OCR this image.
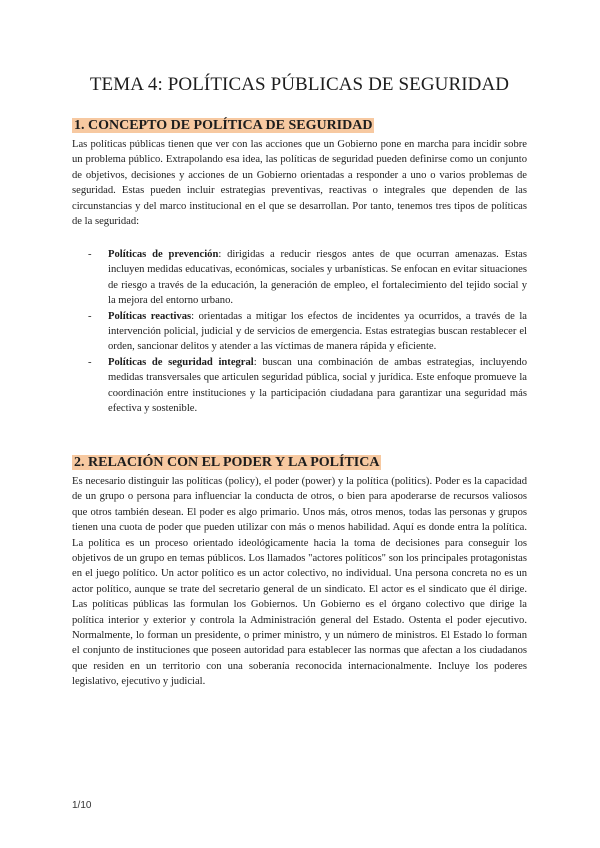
TEMA 4: POLÍTICAS PÚBLICAS DE SEGURIDAD
1. CONCEPTO DE POLÍTICA DE SEGURIDAD
Las políticas públicas tienen que ver con las acciones que un Gobierno pone en marcha para incidir sobre un problema público. Extrapolando esa idea, las políticas de seguridad pueden definirse como un conjunto de objetivos, decisiones y acciones de un Gobierno orientadas a responder a uno o varios problemas de seguridad. Estas pueden incluir estrategias preventivas, reactivas o integrales que dependen de las circunstancias y del marco institucional en el que se desarrollan. Por tanto, tenemos tres tipos de políticas de la seguridad:
- Políticas de prevención: dirigidas a reducir riesgos antes de que ocurran amenazas. Estas incluyen medidas educativas, económicas, sociales y urbanísticas. Se enfocan en evitar situaciones de riesgo a través de la educación, la generación de empleo, el fortalecimiento del tejido social y la mejora del entorno urbano.
- Políticas reactivas: orientadas a mitigar los efectos de incidentes ya ocurridos, a través de la intervención policial, judicial y de servicios de emergencia. Estas estrategias buscan restablecer el orden, sancionar delitos y atender a las víctimas de manera rápida y eficiente.
- Políticas de seguridad integral: buscan una combinación de ambas estrategias, incluyendo medidas transversales que articulen seguridad pública, social y jurídica. Este enfoque promueve la coordinación entre instituciones y la participación ciudadana para garantizar una seguridad más efectiva y sostenible.
2. RELACIÓN CON EL PODER Y LA POLÍTICA
Es necesario distinguir las políticas (policy), el poder (power) y la política (politics). Poder es la capacidad de un grupo o persona para influenciar la conducta de otros, o bien para apoderarse de recursos valiosos que otros también desean. El poder es algo primario. Unos más, otros menos, todas las personas y grupos tienen una cuota de poder que pueden utilizar con más o menos habilidad. Aquí es donde entra la política. La política es un proceso orientado ideológicamente hacia la toma de decisiones para conseguir los objetivos de un grupo en temas públicos. Los llamados "actores políticos" son los principales protagonistas en el juego político. Un actor político es un actor colectivo, no individual. Una persona concreta no es un actor político, aunque se trate del secretario general de un sindicato. El actor es el sindicato que él dirige. Las políticas públicas las formulan los Gobiernos. Un Gobierno es el órgano colectivo que dirige la política interior y exterior y controla la Administración general del Estado. Ostenta el poder ejecutivo. Normalmente, lo forman un presidente, o primer ministro, y un número de ministros. El Estado lo forman el conjunto de instituciones que poseen autoridad para establecer las normas que afectan a los ciudadanos que residen en un territorio con una soberanía reconocida internacionalmente. Incluye los poderes legislativo, ejecutivo y judicial.
1/10
